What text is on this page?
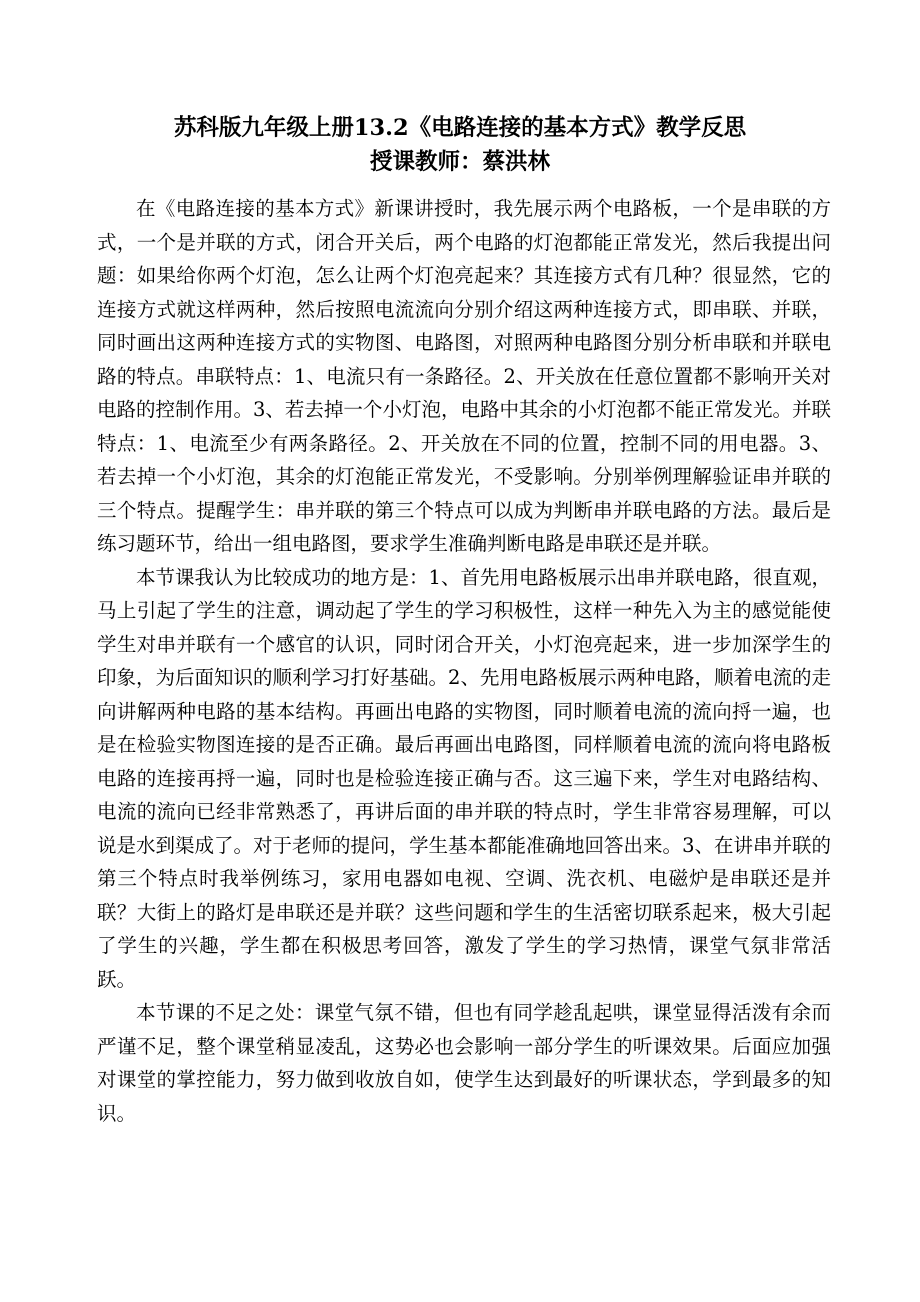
苏科版九年级上册13.2《电路连接的基本方式》教学反思
授课教师：蔡洪林

在《电路连接的基本方式》新课讲授时，我先展示两个电路板，一个是串联的方式，一个是并联的方式，闭合开关后，两个电路的灯泡都能正常发光，然后我提出问题：如果给你两个灯泡，怎么让两个灯泡亮起来？其连接方式有几种？很显然，它的连接方式就这样两种，然后按照电流流向分别介绍这两种连接方式，即串联、并联，同时画出这两种连接方式的实物图、电路图，对照两种电路图分别分析串联和并联电路的特点。串联特点：1、电流只有一条路径。2、开关放在任意位置都不影响开关对电路的控制作用。3、若去掉一个小灯泡，电路中其余的小灯泡都不能正常发光。并联特点：1、电流至少有两条路径。2、开关放在不同的位置，控制不同的用电器。3、若去掉一个小灯泡，其余的灯泡能正常发光，不受影响。分别举例理解验证串并联的三个特点。提醒学生：串并联的第三个特点可以成为判断串并联电路的方法。最后是练习题环节，给出一组电路图，要求学生准确判断电路是串联还是并联。

本节课我认为比较成功的地方是：1、首先用电路板展示出串并联电路，很直观，马上引起了学生的注意，调动起了学生的学习积极性，这样一种先入为主的感觉能使学生对串并联有一个感官的认识，同时闭合开关，小灯泡亮起来，进一步加深学生的印象，为后面知识的顺利学习打好基础。2、先用电路板展示两种电路，顺着电流的走向讲解两种电路的基本结构。再画出电路的实物图，同时顺着电流的流向捋一遍，也是在检验实物图连接的是否正确。最后再画出电路图，同样顺着电流的流向将电路板电路的连接再捋一遍，同时也是检验连接正确与否。这三遍下来，学生对电路结构、电流的流向已经非常熟悉了，再讲后面的串并联的特点时，学生非常容易理解，可以说是水到渠成了。对于老师的提问，学生基本都能准确地回答出来。3、在讲串并联的第三个特点时我举例练习，家用电器如电视、空调、洗衣机、电磁炉是串联还是并联？大街上的路灯是串联还是并联？这些问题和学生的生活密切联系起来，极大引起了学生的兴趣，学生都在积极思考回答，激发了学生的学习热情，课堂气氛非常活跃。

本节课的不足之处：课堂气氛不错，但也有同学趁乱起哄，课堂显得活泼有余而严谨不足，整个课堂稍显凌乱，这势必也会影响一部分学生的听课效果。后面应加强对课堂的掌控能力，努力做到收放自如，使学生达到最好的听课状态，学到最多的知识。
